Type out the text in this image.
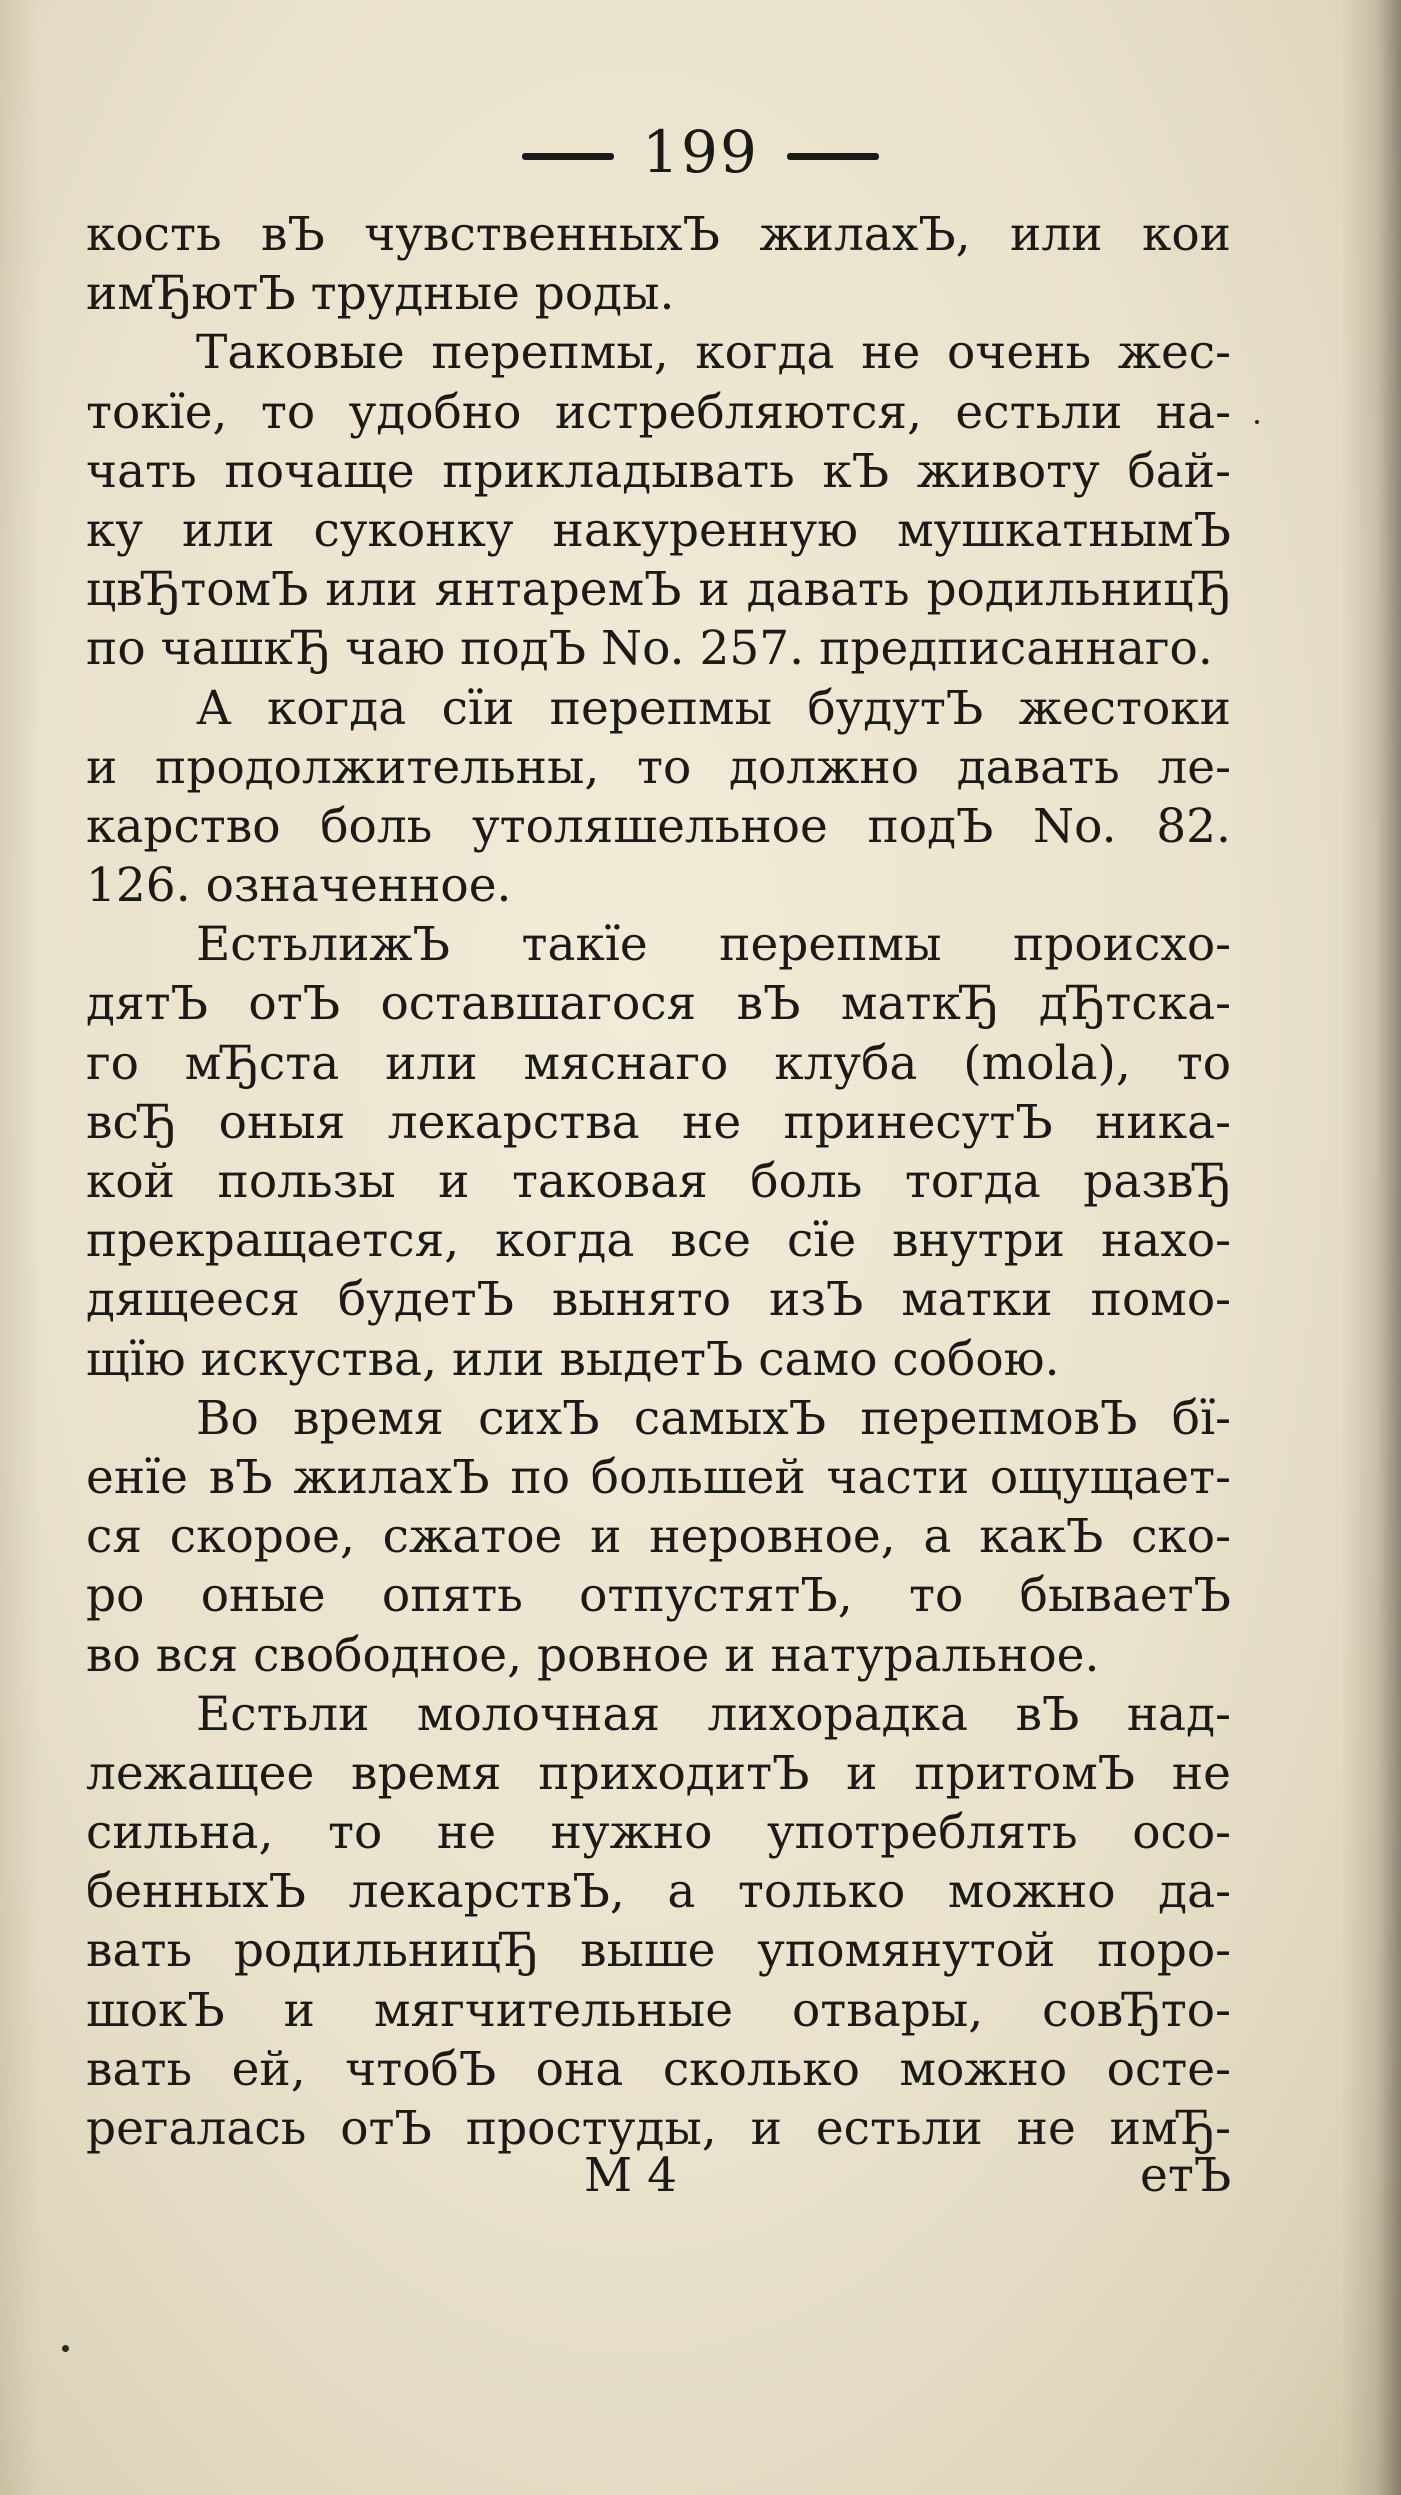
199
кость вЪ чувственныхЪ жилахЪ, или кои
имЂютЪ трудные роды.
Таковые перепмы, когда не очень жес-
токїе, то удобно истребляются, естьли на-
чать почаще прикладывать кЪ животу бай-
ку или суконку накуренную мушкатнымЪ
цвЂтомЪ или янтаремЪ и давать родильницЂ
по чашкЂ чаю подЪ No. 257. предписаннаго.
А когда сїи перепмы будутЪ жестоки
и продолжительны, то должно давать ле-
карство боль утоляшельное подЪ No. 82.
126. означенное.
ЕстьлижЪ такїе перепмы происхо-
дятЪ отЪ оставшагося вЪ маткЂ дЂтска-
го мЂста или мяснаго клуба (mola), то
всЂ оныя лекарства не принесутЪ ника-
кой пользы и таковая боль тогда развЂ
прекращается, когда все сїе внутри нахо-
дящееся будетЪ вынято изЪ матки помо-
щїю искуства, или выдетЪ само собою.
Во время сихЪ самыхЪ перепмовЪ бї-
енїе вЪ жилахЪ по большей части ощущает-
ся скорое, сжатое и неровное, а какЪ ско-
ро оные опять отпустятЪ, то бываетЪ
во вся свободное, ровное и натуральное.
Естьли молочная лихорадка вЪ над-
лежащее время приходитЪ и притомЪ не
сильна, то не нужно употреблять осо-
бенныхЪ лекарствЪ, а только можно да-
вать родильницЂ выше упомянутой поро-
шокЪ и мягчительные отвары, совЂто-
вать ей, чтобЪ она сколько можно осте-
регалась отЪ простуды, и естьли не имЂ-
M 4	етЪ
